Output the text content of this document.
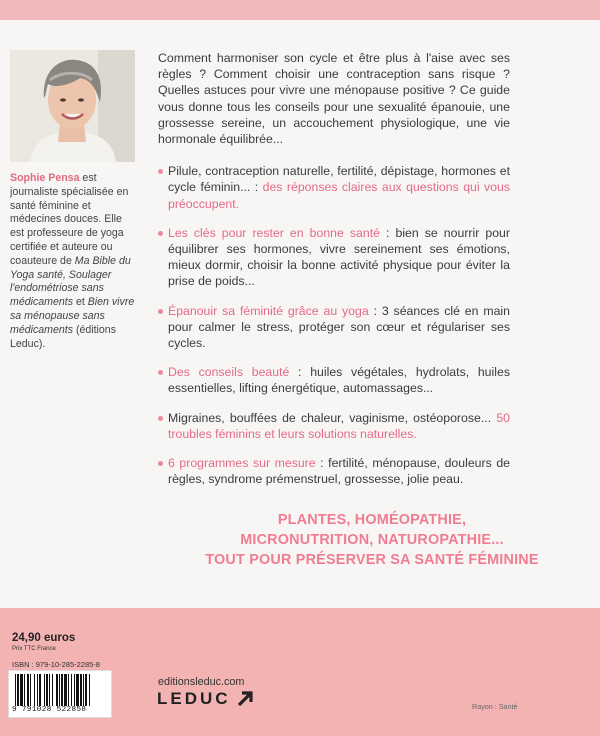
Sophie Pensa est journaliste spécialisée en santé féminine et médecines douces. Elle est professeure de yoga certifiée et auteure ou coauteure de Ma Bible du Yoga santé, Soulager l'endométriose sans médicaments et Bien vivre sa ménopause sans médicaments (éditions Leduc).

Comment harmoniser son cycle et être plus à l'aise avec ses règles ? Comment choisir une contraception sans risque ? Quelles astuces pour vivre une ménopause positive ? Ce guide vous donne tous les conseils pour une sexualité épanouie, une grossesse sereine, un accouchement physiologique, une vie hormonale équilibrée...

Pilule, contraception naturelle, fertilité, dépistage, hormones et cycle féminin... : des réponses claires aux questions qui vous préoccupent.
Les clés pour rester en bonne santé : bien se nourrir pour équilibrer ses hormones, vivre sereinement ses émotions, mieux dormir, choisir la bonne activité physique pour éviter la prise de poids...
Épanouir sa féminité grâce au yoga : 3 séances clé en main pour calmer le stress, protéger son cœur et régulariser ses cycles.
Des conseils beauté : huiles végétales, hydrolats, huiles essentielles, lifting énergétique, automassages...
Migraines, bouffées de chaleur, vaginisme, ostéoporose... 50 troubles féminins et leurs solutions naturelles.
6 programmes sur mesure : fertilité, ménopause, douleurs de règles, syndrome prémenstruel, grossesse, jolie peau.
PLANTES, HOMÉOPATHIE,
MICRONUTRITION, NATUROPATHIE...
TOUT POUR PRÉSERVER SA SANTÉ FÉMININE
24,90 euros
Prix TTC France
ISBN : 979-10-285-2285-8
9 791028 522858
editionsleduc.com
LEDUC	Rayon : Santé
